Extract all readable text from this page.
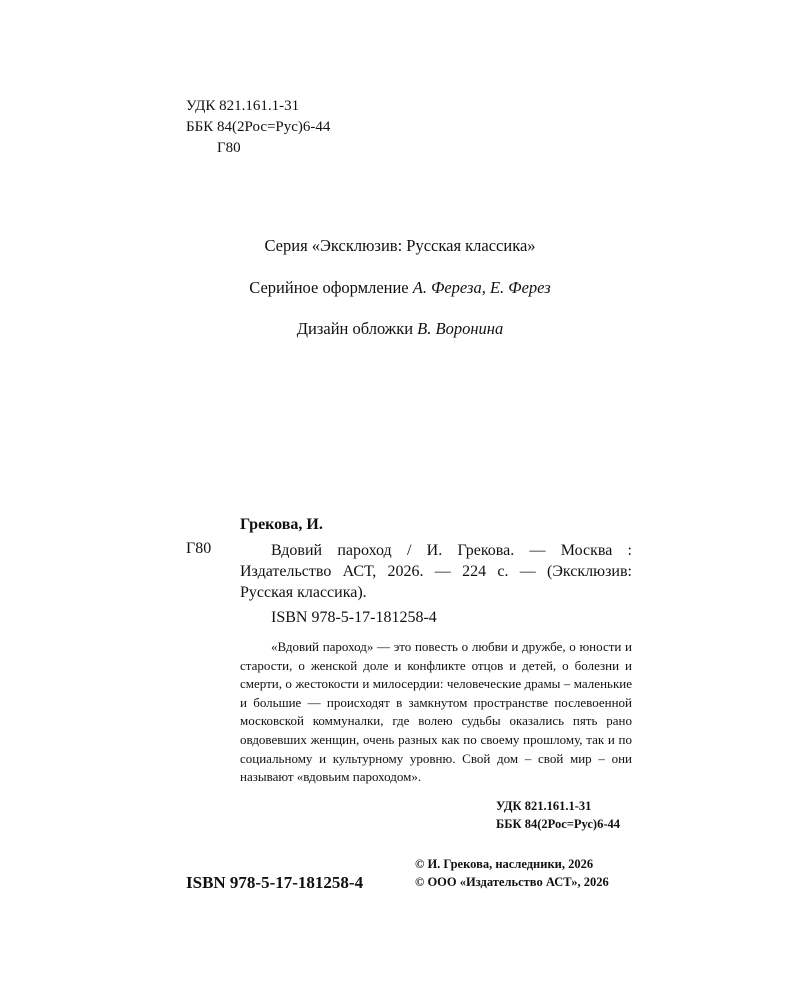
УДК 821.161.1-31
ББК 84(2Рос=Рус)6-44
Г80
Серия «Эксклюзив: Русская классика»
Серийное оформление А. Фереза, Е. Ферез
Дизайн обложки В. Воронина
Грекова, И.
Г80	Вдовий пароход / И. Грекова. — Москва : Издательство АСТ, 2026. — 224 с. — (Эксклюзив: Русская классика).
ISBN 978-5-17-181258-4
«Вдовий пароход» — это повесть о любви и дружбе, о юности и старости, о женской доле и конфликте отцов и детей, о болезни и смерти, о жестокости и милосердии: человеческие драмы – маленькие и большие — происходят в замкнутом пространстве послевоенной московской коммуналки, где волею судьбы оказались пять рано овдовевших женщин, очень разных как по своему прошлому, так и по социальному и культурному уровню. Свой дом – свой мир – они называют «вдовьим пароходом».
УДК 821.161.1-31
ББК 84(2Рос=Рус)6-44
ISBN 978-5-17-181258-4
© И. Грекова, наследники, 2026
© ООО «Издательство АСТ», 2026
